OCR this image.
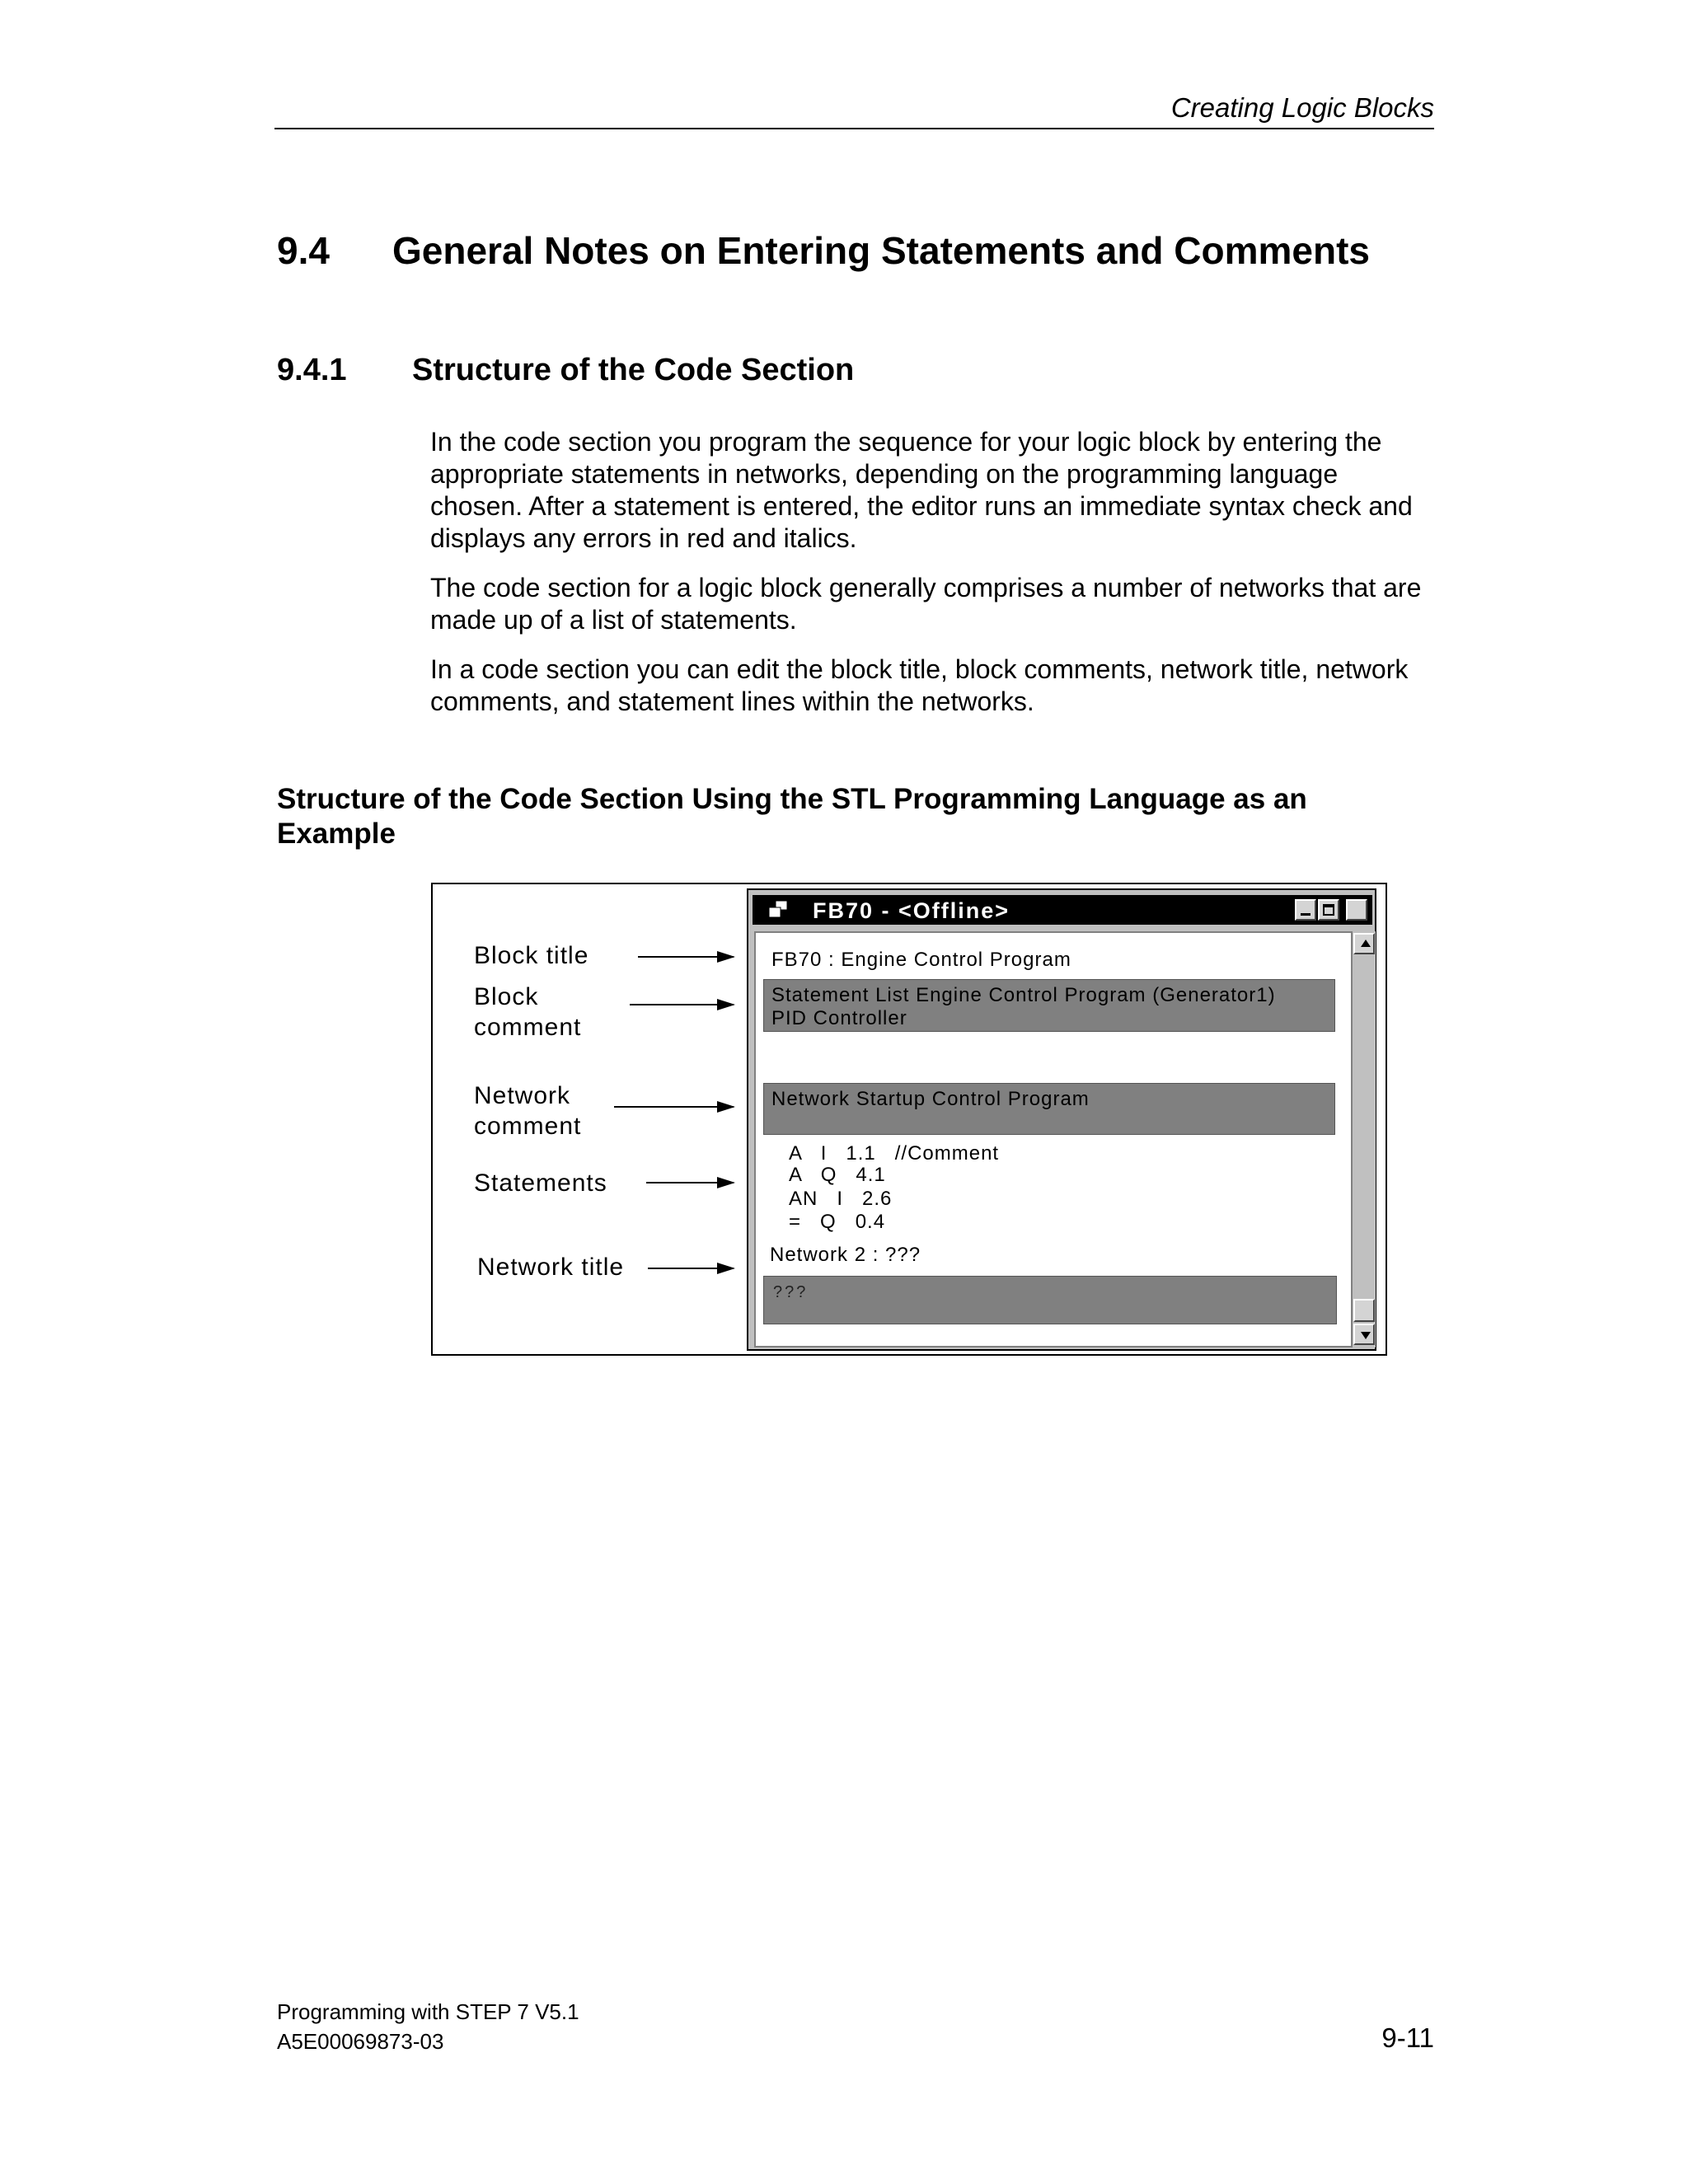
Creating Logic Blocks
9.4 General Notes on Entering Statements and Comments
9.4.1 Structure of the Code Section

In the code section you program the sequence for your logic block by entering the appropriate statements in networks, depending on the programming language chosen. After a statement is entered, the editor runs an immediate syntax check and displays any errors in red and italics.

The code section for a logic block generally comprises a number of networks that are made up of a list of statements.

In a code section you can edit the block title, block comments, network title, network comments, and statement lines within the networks.

Structure of the Code Section Using the STL Programming Language as an Example
Block title
Block
comment
Network
comment
Statements
Network title
FB70 - <Offline>
FB70 : Engine Control Program
Statement List Engine Control Program (Generator1)
PID Controller
Network Startup Control Program
A   I   1.1   //Comment
A   Q   4.1
AN   I   2.6
=   Q   0.4
Network 2 : ???
???
Programming with STEP 7 V5.1
A5E00069873-03	9-11
